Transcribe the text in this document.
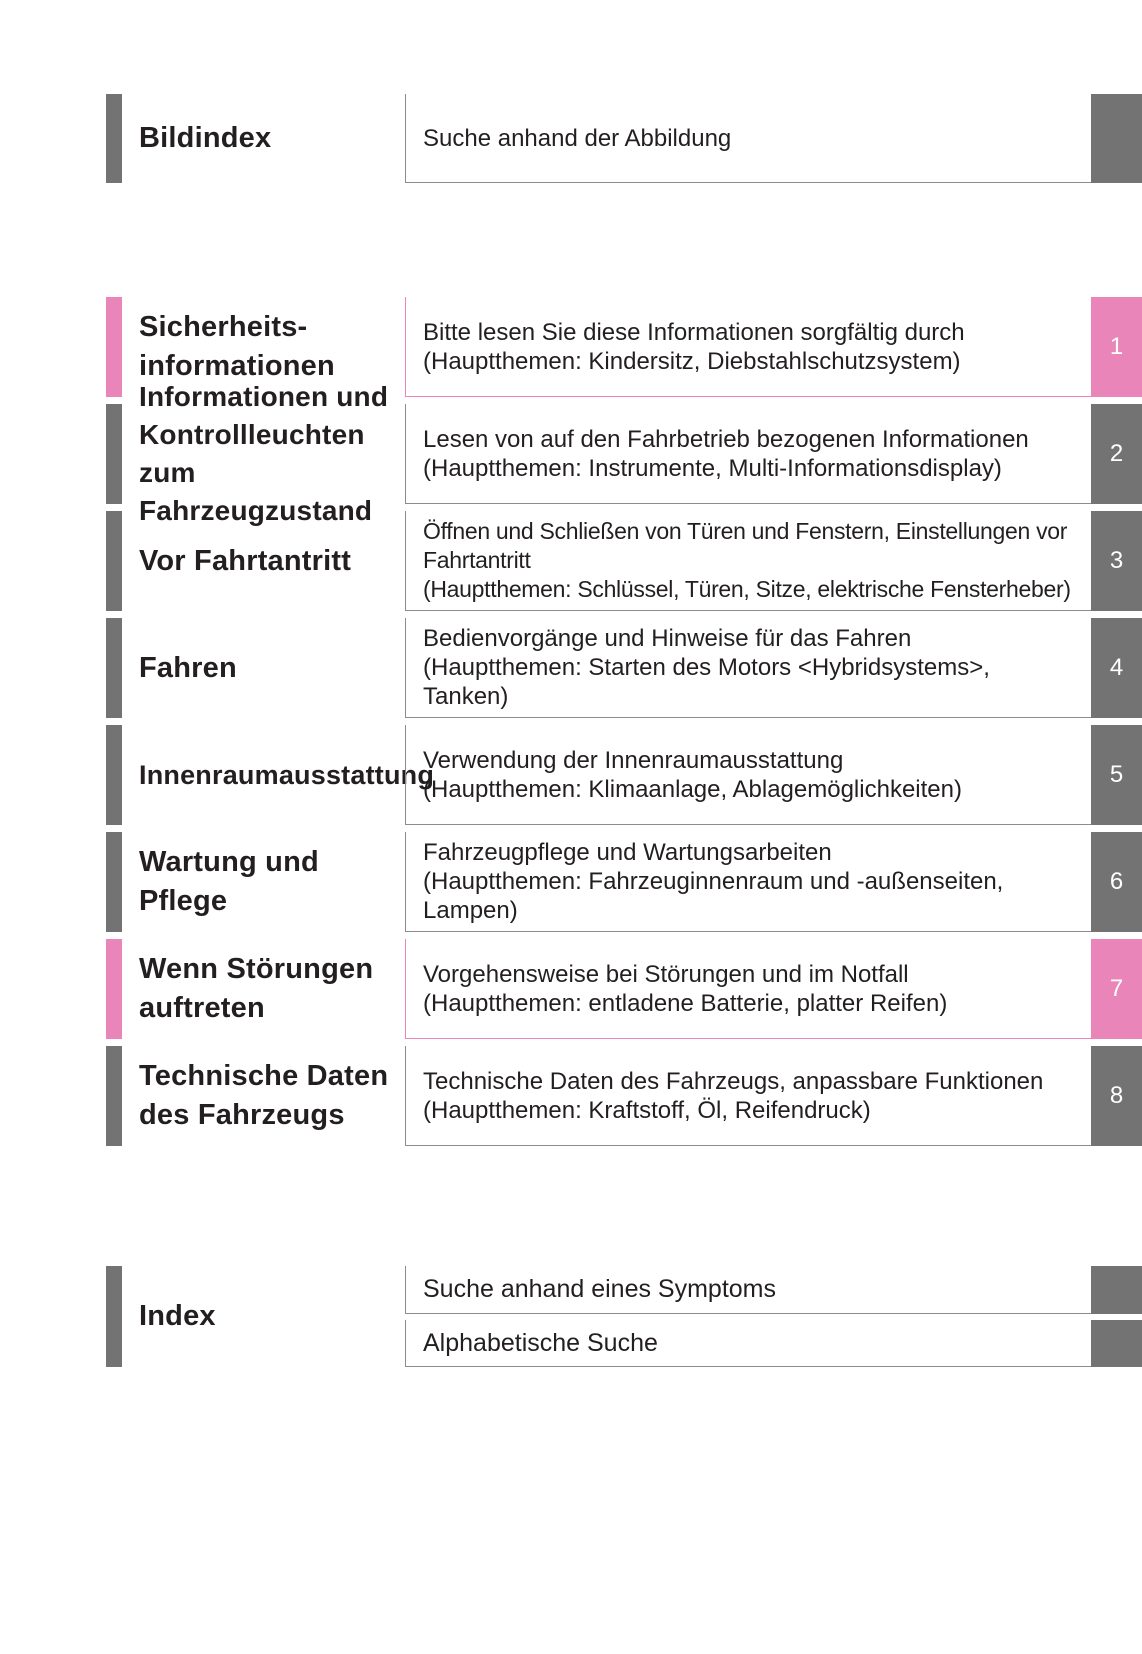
Bildindex	Suche anhand der Abbildung
Sicherheits-
informationen
Bitte lesen Sie diese Informationen sorgfältig durch
(Hauptthemen: Kindersitz, Diebstahlschutzsystem)
1
Informationen und
Kontrollleuchten zum
Fahrzeugzustand
Lesen von auf den Fahrbetrieb bezogenen Informationen
(Hauptthemen: Instrumente, Multi-Informationsdisplay)
2
Vor Fahrtantritt
Öffnen und Schließen von Türen und Fenstern, Einstellungen vor
Fahrtantritt
(Hauptthemen: Schlüssel, Türen, Sitze, elektrische Fensterheber)
3
Fahren
Bedienvorgänge und Hinweise für das Fahren
(Hauptthemen: Starten des Motors <Hybridsystems>,
Tanken)
4
Innenraumausstattung
Verwendung der Innenraumausstattung
(Hauptthemen: Klimaanlage, Ablagemöglichkeiten)
5
Wartung und
Pflege
Fahrzeugpflege und Wartungsarbeiten
(Hauptthemen: Fahrzeuginnenraum und -außenseiten,
Lampen)
6
Wenn Störungen
auftreten
Vorgehensweise bei Störungen und im Notfall
(Hauptthemen: entladene Batterie, platter Reifen)
7
Technische Daten
des Fahrzeugs
Technische Daten des Fahrzeugs, anpassbare Funktionen
(Hauptthemen: Kraftstoff, Öl, Reifendruck)
8
Index
Suche anhand eines Symptoms
Alphabetische Suche
